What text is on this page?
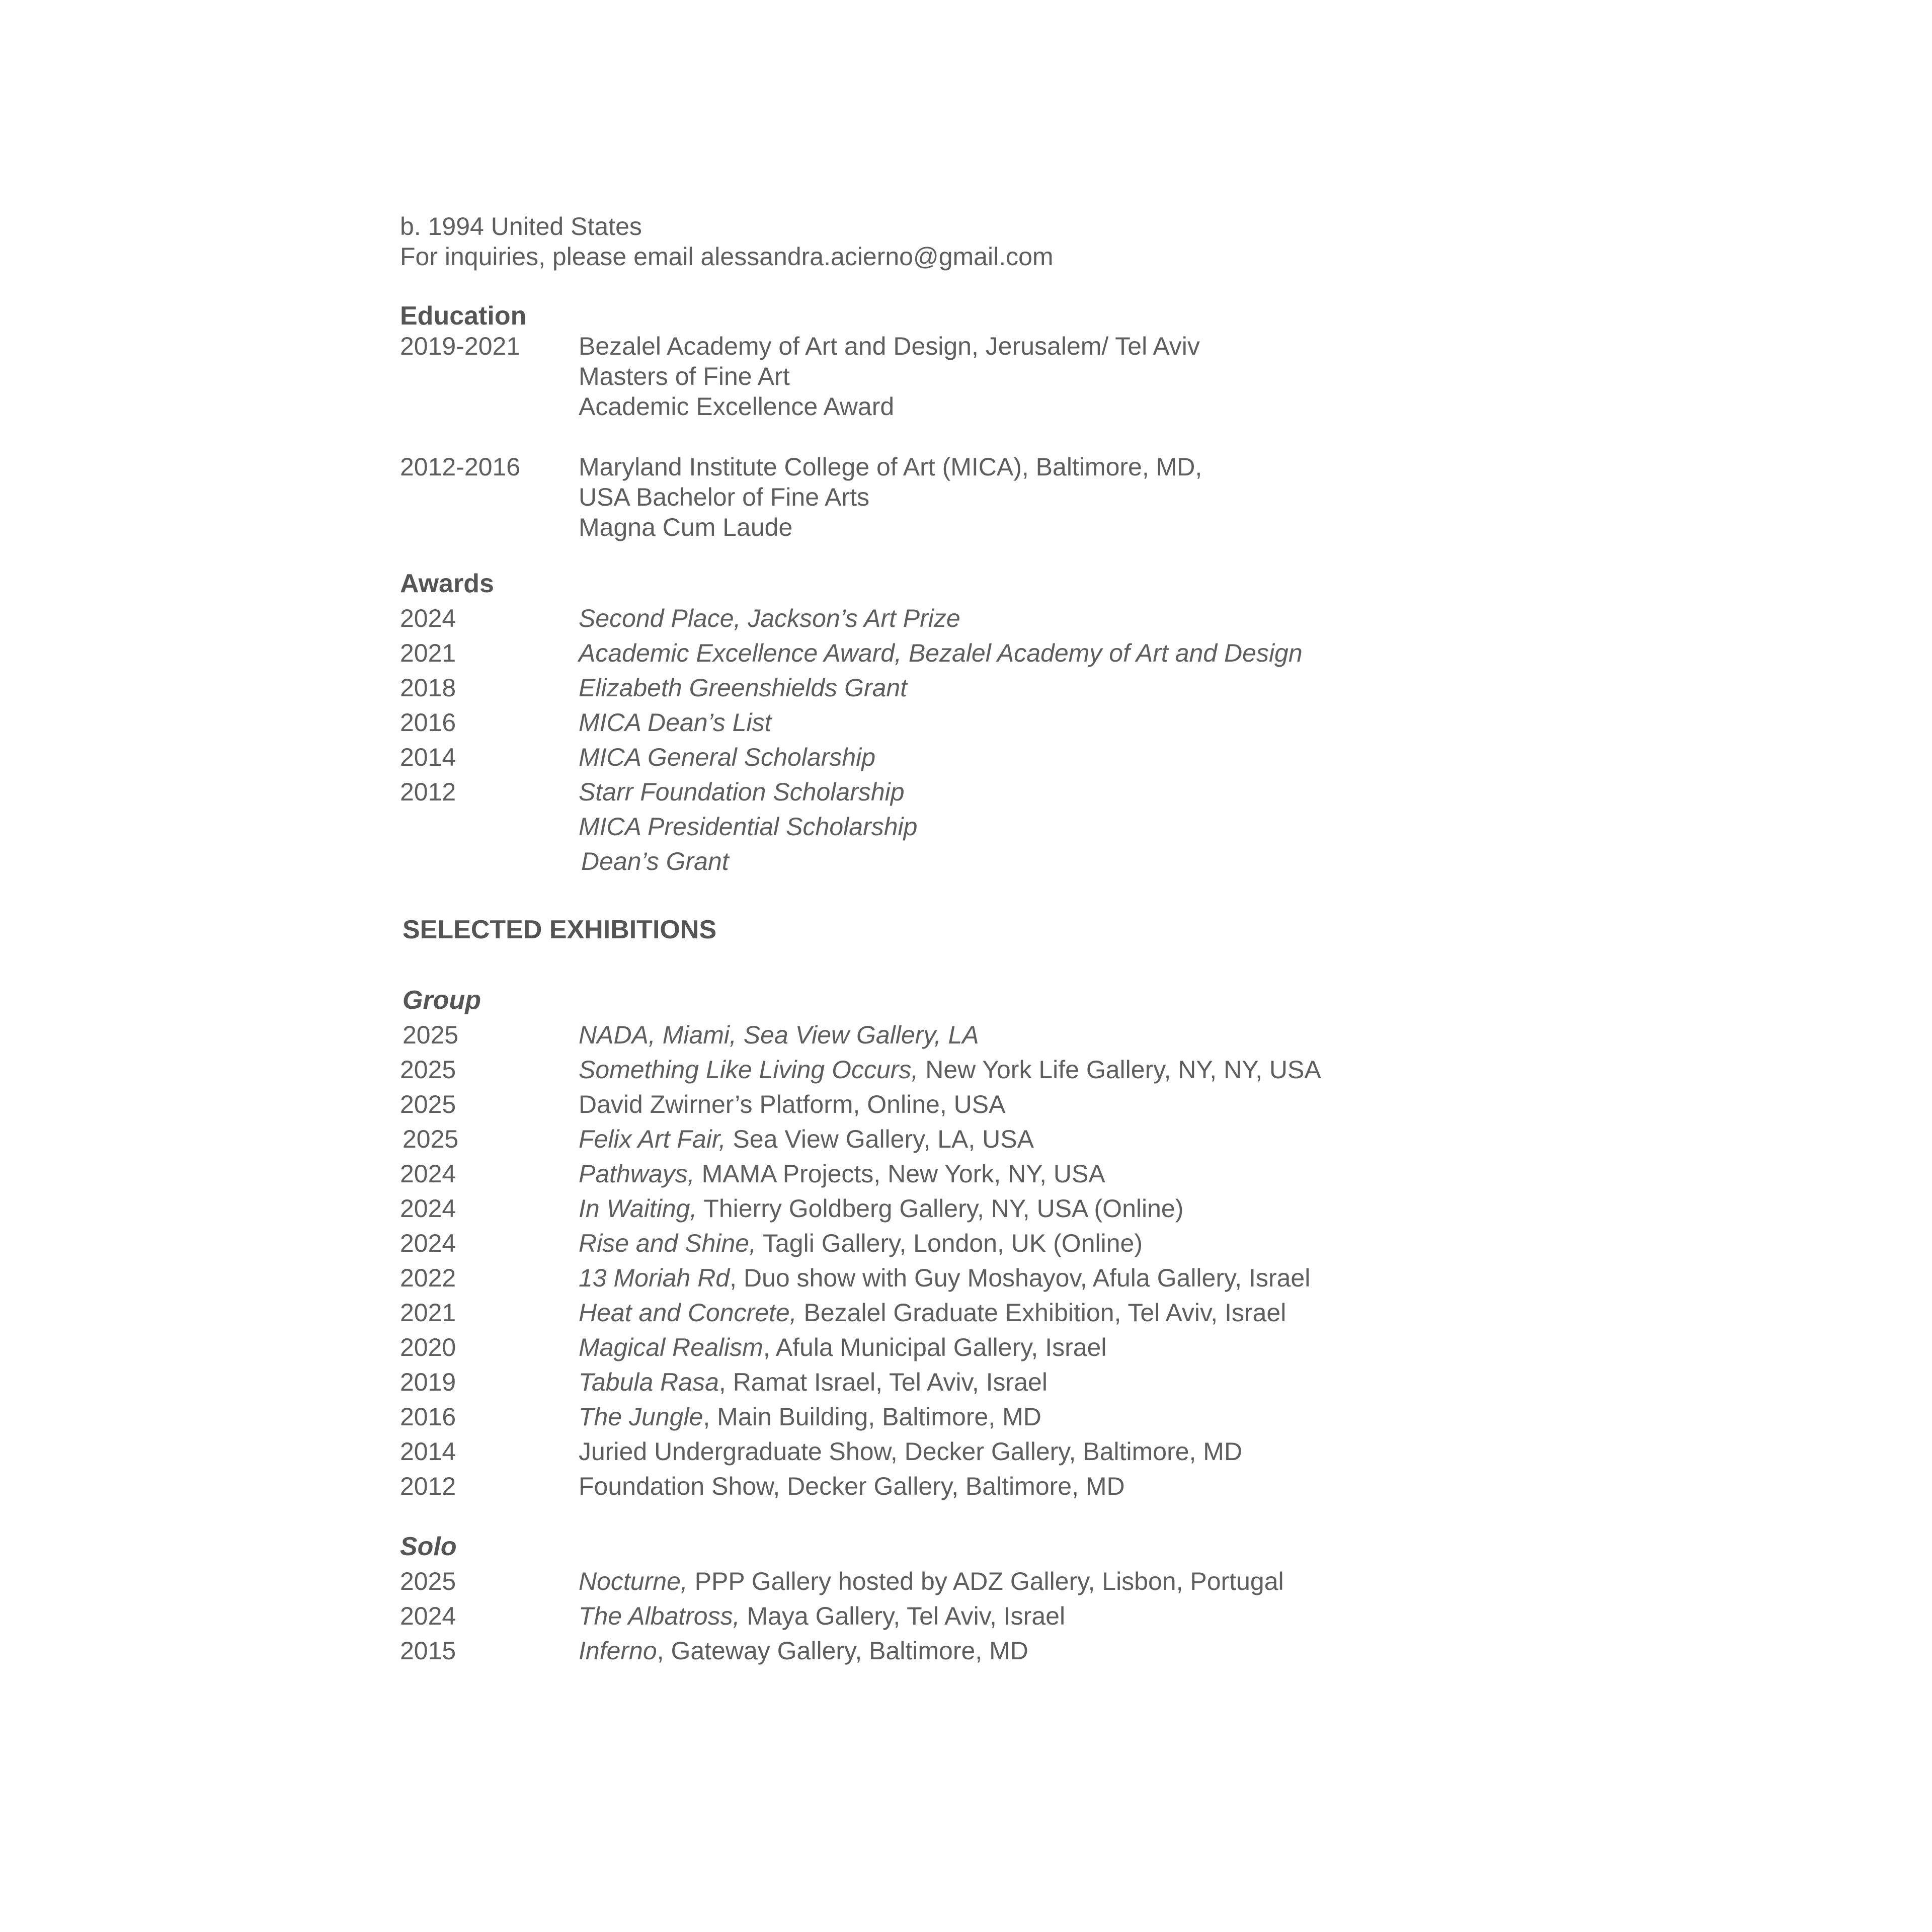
b. 1994 United States
For inquiries, please email alessandra.acierno@gmail.com
Education
2019-2021 Bezalel Academy of Art and Design, Jerusalem/ Tel Aviv
Masters of Fine Art
Academic Excellence Award
2012-2016 Maryland Institute College of Art (MICA), Baltimore, MD,
USA Bachelor of Fine Arts
Magna Cum Laude
Awards
2024	Second Place, Jackson’s Art Prize
2021	Academic Excellence Award, Bezalel Academy of Art and Design
2018	Elizabeth Greenshields Grant
2016	MICA Dean’s List
2014	MICA General Scholarship
2012	Starr Foundation Scholarship
MICA Presidential Scholarship
Dean’s Grant
SELECTED EXHIBITIONS
Group
2025	NADA, Miami, Sea View Gallery, LA
2025	Something Like Living Occurs, New York Life Gallery, NY, NY, USA
2025	David Zwirner’s Platform, Online, USA
2025	Felix Art Fair, Sea View Gallery, LA, USA
2024	Pathways, MAMA Projects, New York, NY, USA
2024	In Waiting, Thierry Goldberg Gallery, NY, USA (Online)
2024	Rise and Shine, Tagli Gallery, London, UK (Online)
2022	13 Moriah Rd, Duo show with Guy Moshayov, Afula Gallery, Israel
2021	Heat and Concrete, Bezalel Graduate Exhibition, Tel Aviv, Israel
2020	Magical Realism, Afula Municipal Gallery, Israel
2019	Tabula Rasa, Ramat Israel, Tel Aviv, Israel
2016	The Jungle, Main Building, Baltimore, MD
2014	Juried Undergraduate Show, Decker Gallery, Baltimore, MD
2012	Foundation Show, Decker Gallery, Baltimore, MD
Solo
2025	Nocturne, PPP Gallery hosted by ADZ Gallery, Lisbon, Portugal
2024	The Albatross, Maya Gallery, Tel Aviv, Israel
2015	Inferno, Gateway Gallery, Baltimore, MD
